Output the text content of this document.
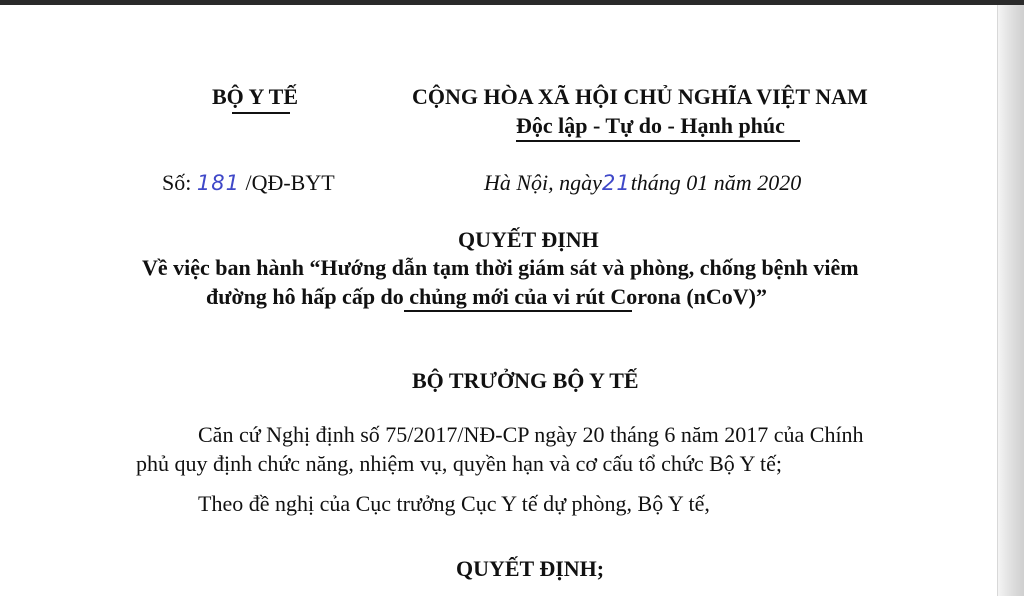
BỘ Y TẾ	CỘNG HÒA XÃ HỘI CHỦ NGHĨA VIỆT NAM
Độc lập - Tự do - Hạnh phúc
Số: 181 /QĐ-BYT	Hà Nội, ngày21tháng 01 năm 2020
QUYẾT ĐỊNH
Về việc ban hành “Hướng dẫn tạm thời giám sát và phòng, chống bệnh viêm
đường hô hấp cấp do chủng mới của vi rút Corona (nCoV)”
BỘ TRƯỞNG BỘ Y TẾ
Căn cứ Nghị định số 75/2017/NĐ-CP ngày 20 tháng 6 năm 2017 của Chính
phủ quy định chức năng, nhiệm vụ, quyền hạn và cơ cấu tổ chức Bộ Y tế;
Theo đề nghị của Cục trưởng Cục Y tế dự phòng, Bộ Y tế,
QUYẾT ĐỊNH;
